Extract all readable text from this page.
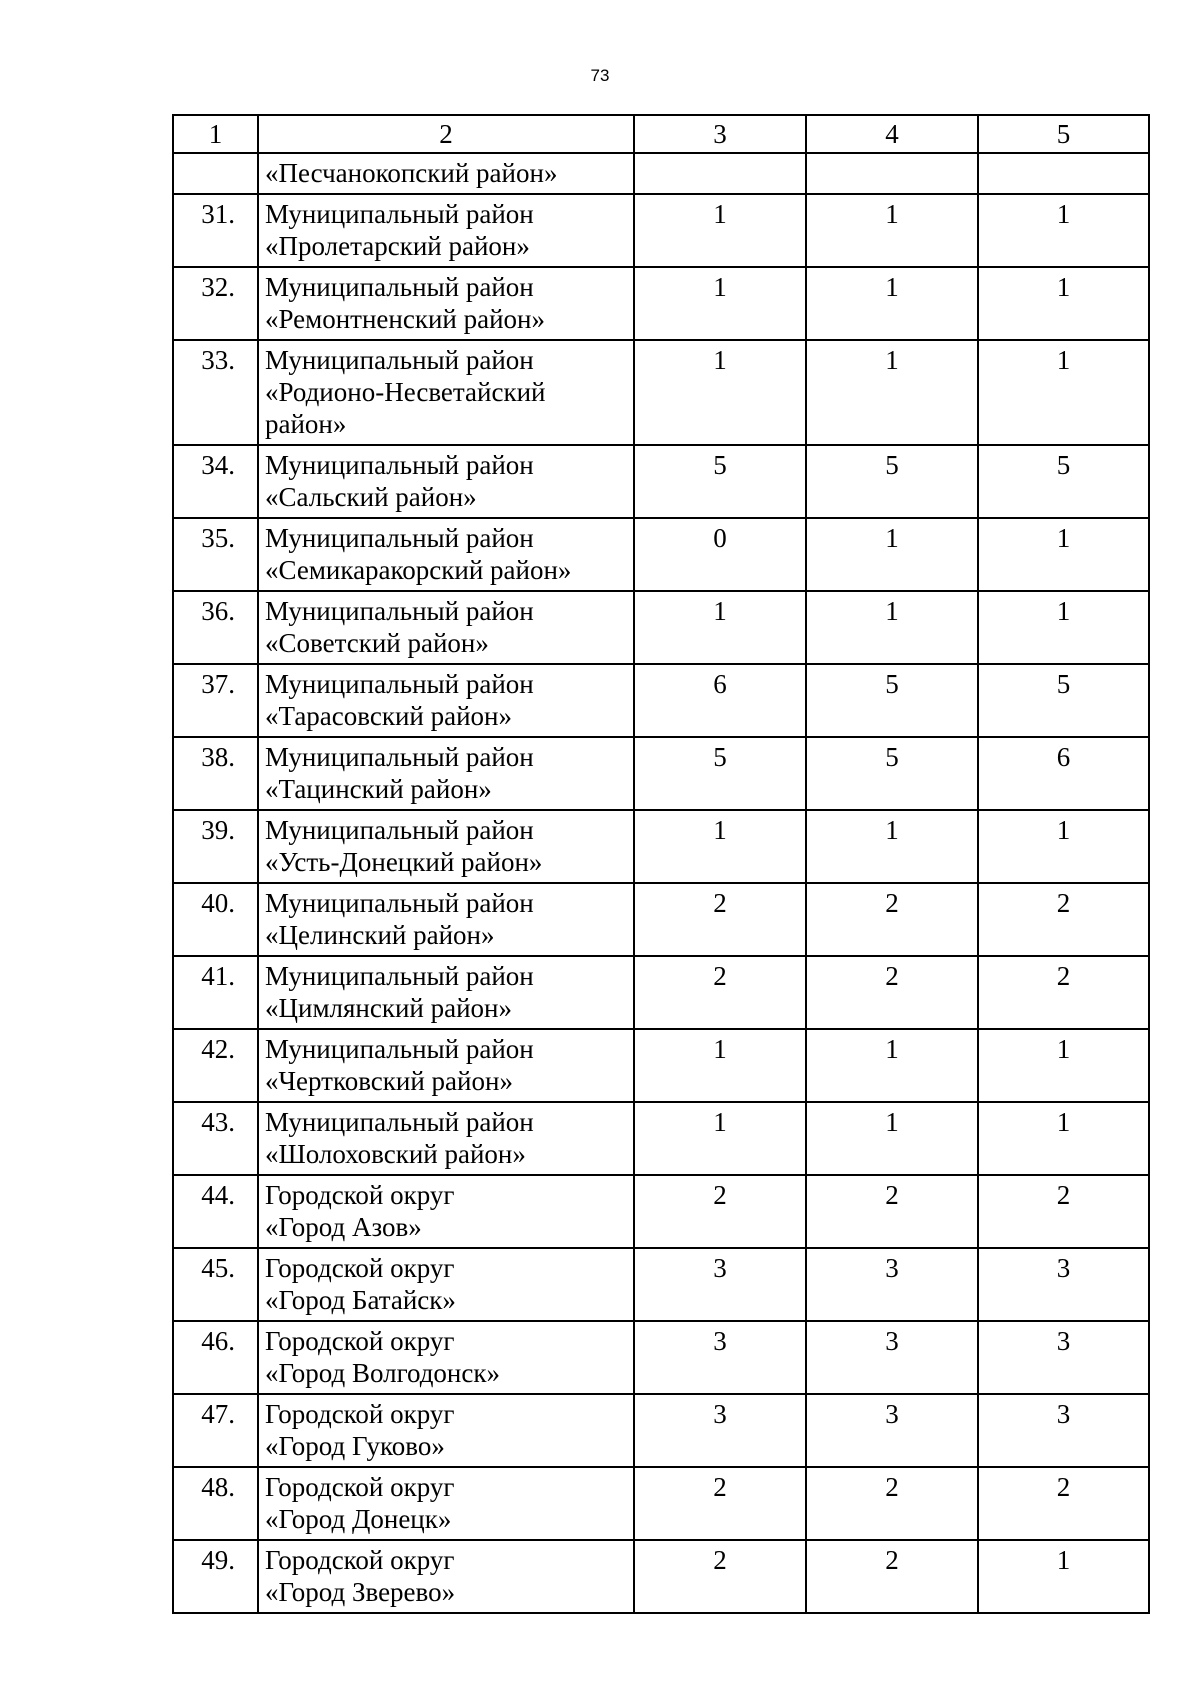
73
1	2	3	4	5

	«Песчанокопский район»			

31.	Муниципальный район
«Пролетарский район»	1	1	1
32.	Муниципальный район
«Ремонтненский район»	1	1	1
33.	Муниципальный район
«Родионо-Несветайский
район»	1	1	1
34.	Муниципальный район
«Сальский район»	5	5	5
35.	Муниципальный район
«Семикаракорский район»	0	1	1
36.	Муниципальный район
«Советский район»	1	1	1
37.	Муниципальный район
«Тарасовский район»	6	5	5
38.	Муниципальный район
«Тацинский район»	5	5	6
39.	Муниципальный район
«Усть-Донецкий район»	1	1	1
40.	Муниципальный район
«Целинский район»	2	2	2
41.	Муниципальный район
«Цимлянский район»	2	2	2
42.	Муниципальный район
«Чертковский район»	1	1	1
43.	Муниципальный район
«Шолоховский район»	1	1	1
44.	Городской округ
«Город Азов»	2	2	2
45.	Городской округ
«Город Батайск»	3	3	3
46.	Городской округ
«Город Волгодонск»	3	3	3
47.	Городской округ
«Город Гуково»	3	3	3
48.	Городской округ
«Город Донецк»	2	2	2
49.	Городской округ
«Город Зверево»	2	2	1
